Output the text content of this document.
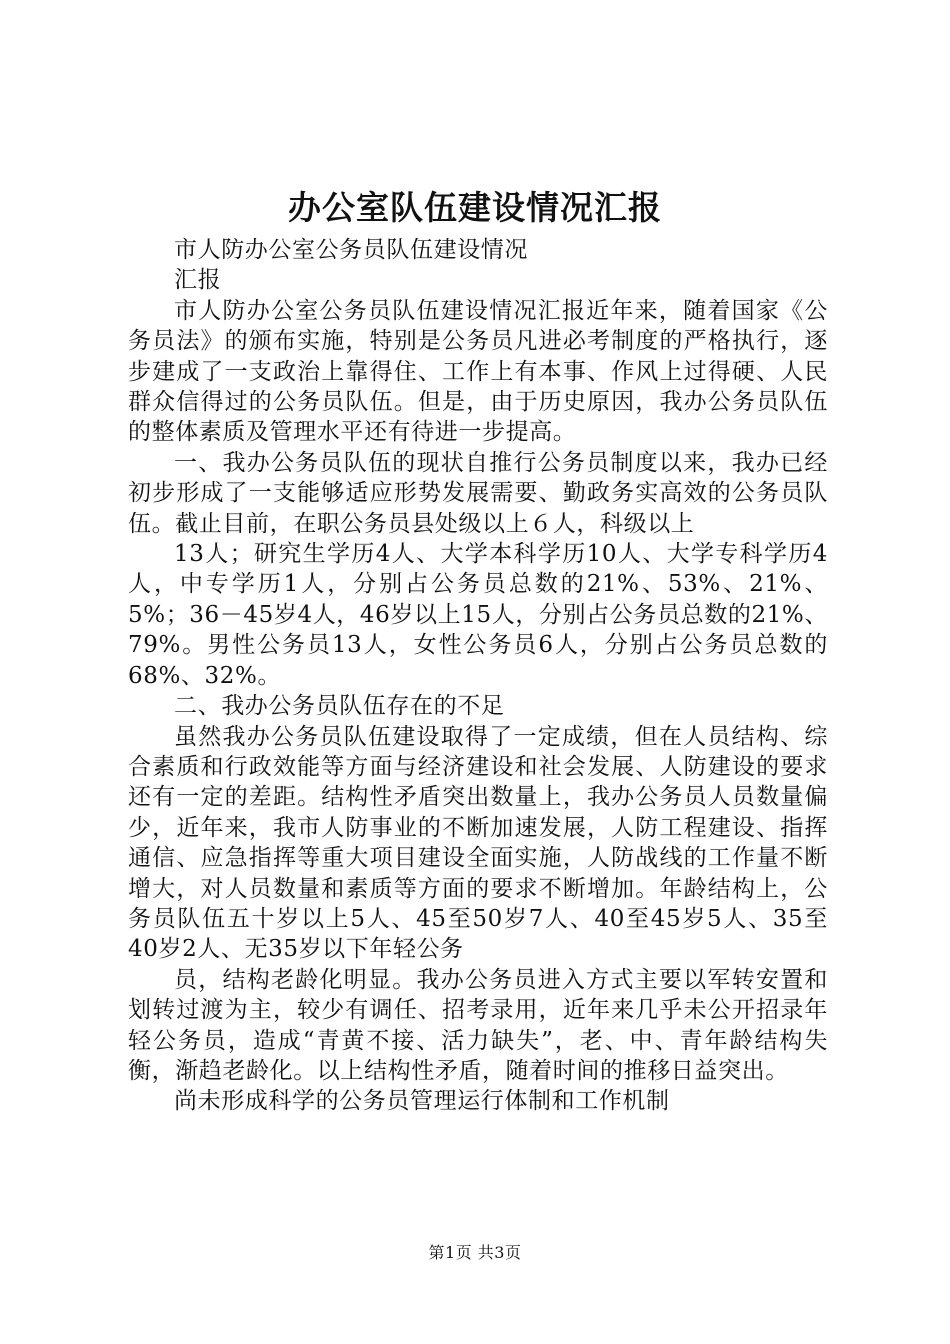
办公室队伍建设情况汇报

市人防办公室公务员队伍建设情况

汇报

市人防办公室公务员队伍建设情况汇报近年来，随着国家《公务员法》的颁布实施，特别是公务员凡进必考制度的严格执行，逐步建成了一支政治上靠得住、工作上有本事、作风上过得硬、人民群众信得过的公务员队伍。但是，由于历史原因，我办公务员队伍的整体素质及管理水平还有待进一步提高。

一、我办公务员队伍的现状自推行公务员制度以来，我办已经初步形成了一支能够适应形势发展需要、勤政务实高效的公务员队伍。截止目前，在职公务员县处级以上６人，科级以上

13人；研究生学历4人、大学本科学历10人、大学专科学历4人，中专学历1人，分别占公务员总数的21%、53%、21%、5%；36－45岁4人，46岁以上15人，分别占公务员总数的21%、79%。男性公务员13人，女性公务员6人，分别占公务员总数的68%、32%。

二、我办公务员队伍存在的不足

虽然我办公务员队伍建设取得了一定成绩，但在人员结构、综合素质和行政效能等方面与经济建设和社会发展、人防建设的要求还有一定的差距。结构性矛盾突出数量上，我办公务员人员数量偏少，近年来，我市人防事业的不断加速发展，人防工程建设、指挥通信、应急指挥等重大项目建设全面实施，人防战线的工作量不断增大，对人员数量和素质等方面的要求不断增加。年龄结构上，公务员队伍五十岁以上5人、45至50岁7人、40至45岁5人、35至40岁2人、无35岁以下年轻公务

员，结构老龄化明显。我办公务员进入方式主要以军转安置和划转过渡为主，较少有调任、招考录用，近年来几乎未公开招录年轻公务员，造成“青黄不接、活力缺失”，老、中、青年龄结构失衡，渐趋老龄化。以上结构性矛盾，随着时间的推移日益突出。

尚未形成科学的公务员管理运行体制和工作机制

第1页 共3页
